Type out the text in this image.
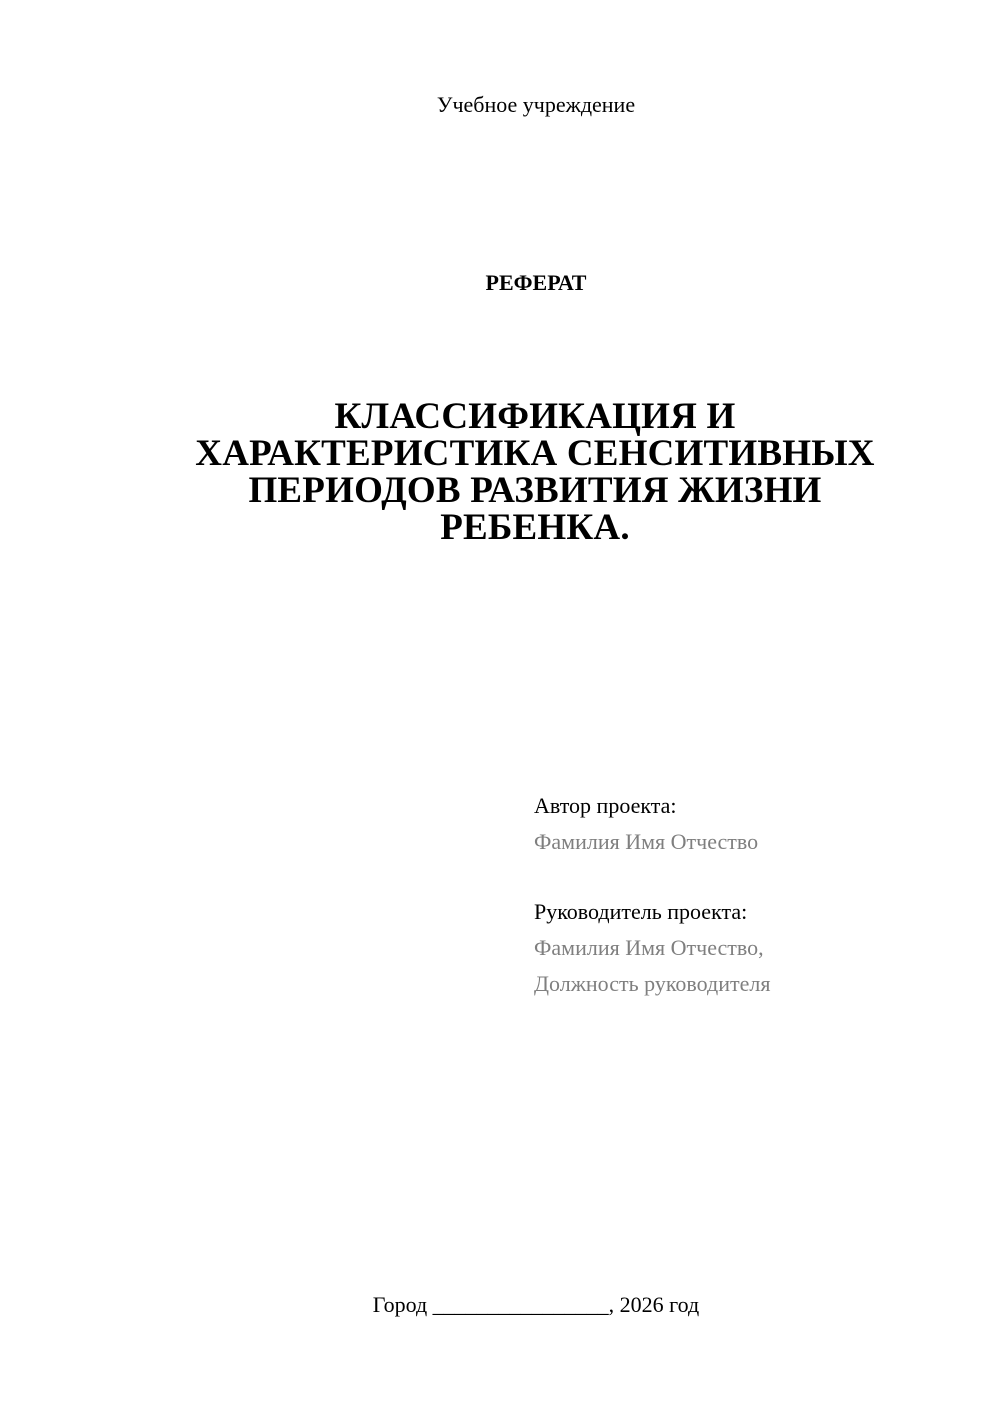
Учебное учреждение
РЕФЕРАТ
КЛАССИФИКАЦИЯ И
ХАРАКТЕРИСТИКА СЕНСИТИВНЫХ
ПЕРИОДОВ РАЗВИТИЯ ЖИЗНИ
РЕБЕНКА.
Автор проекта:
Фамилия Имя Отчество
Руководитель проекта:
Фамилия Имя Отчество,
Должность руководителя
Город ________________, 2026 год
